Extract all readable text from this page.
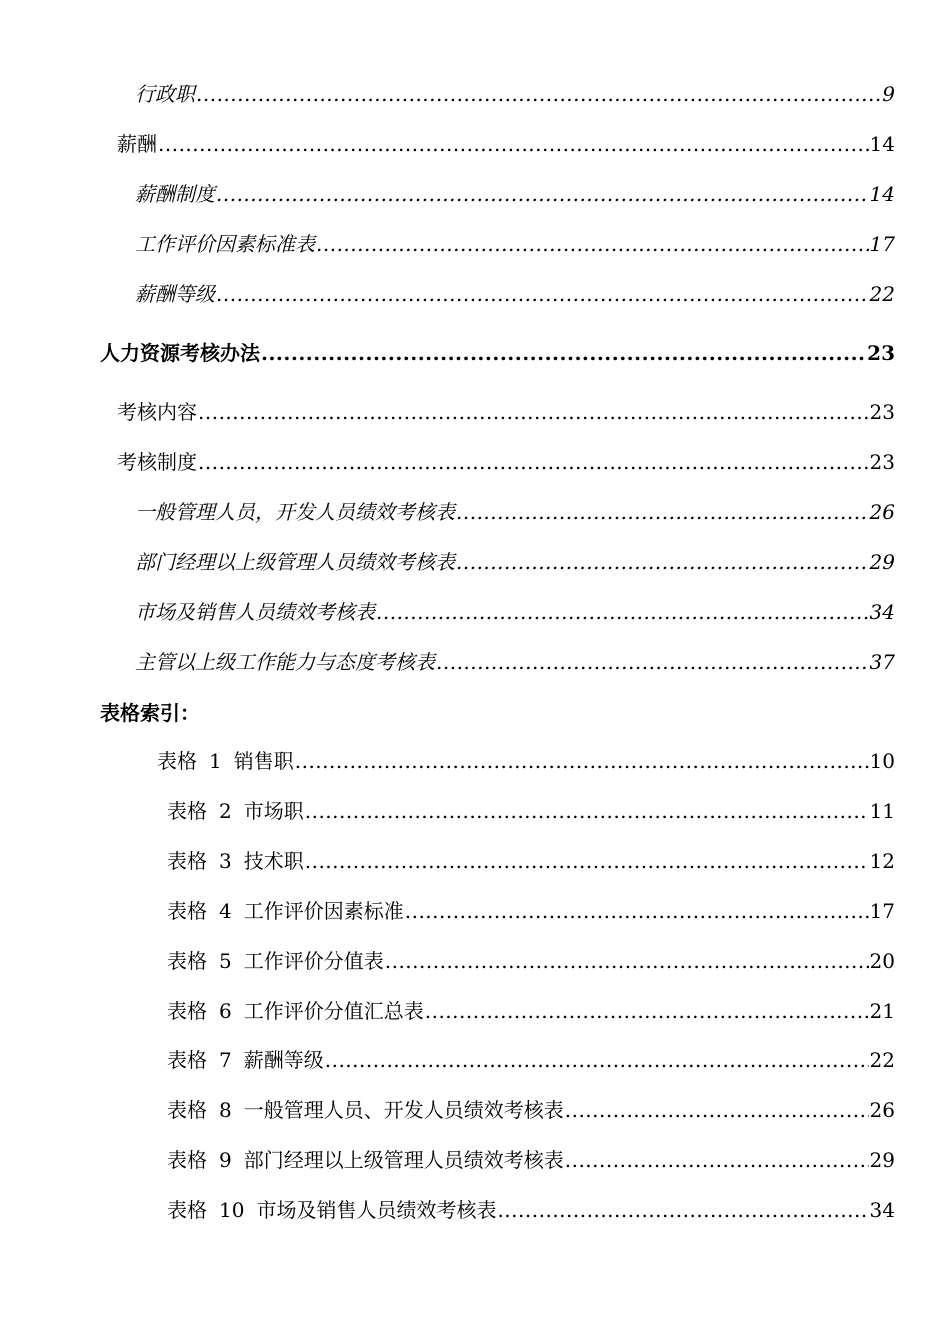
行政职 .....	9
薪酬 .....	14
薪酬制度 .....	14
工作评价因素标准表 .....	17
薪酬等级 .....	22
人力资源考核办法 .....	23
考核内容 .....	23
考核制度 .....	23
一般管理人员，开发人员绩效考核表 .....	26
部门经理以上级管理人员绩效考核表 .....	29
市场及销售人员绩效考核表 .....	34
主管以上级工作能力与态度考核表 .....	37
表格索引：
表格 1 销售职 .....	10
表格 2 市场职 .....	11
表格 3 技术职 .....	12
表格 4 工作评价因素标准 .....	17
表格 5 工作评价分值表 .....	20
表格 6 工作评价分值汇总表 .....	21
表格 7 薪酬等级 .....	22
表格 8 一般管理人员、开发人员绩效考核表 .....	26
表格 9 部门经理以上级管理人员绩效考核表 .....	29
表格 10 市场及销售人员绩效考核表 .....	34
